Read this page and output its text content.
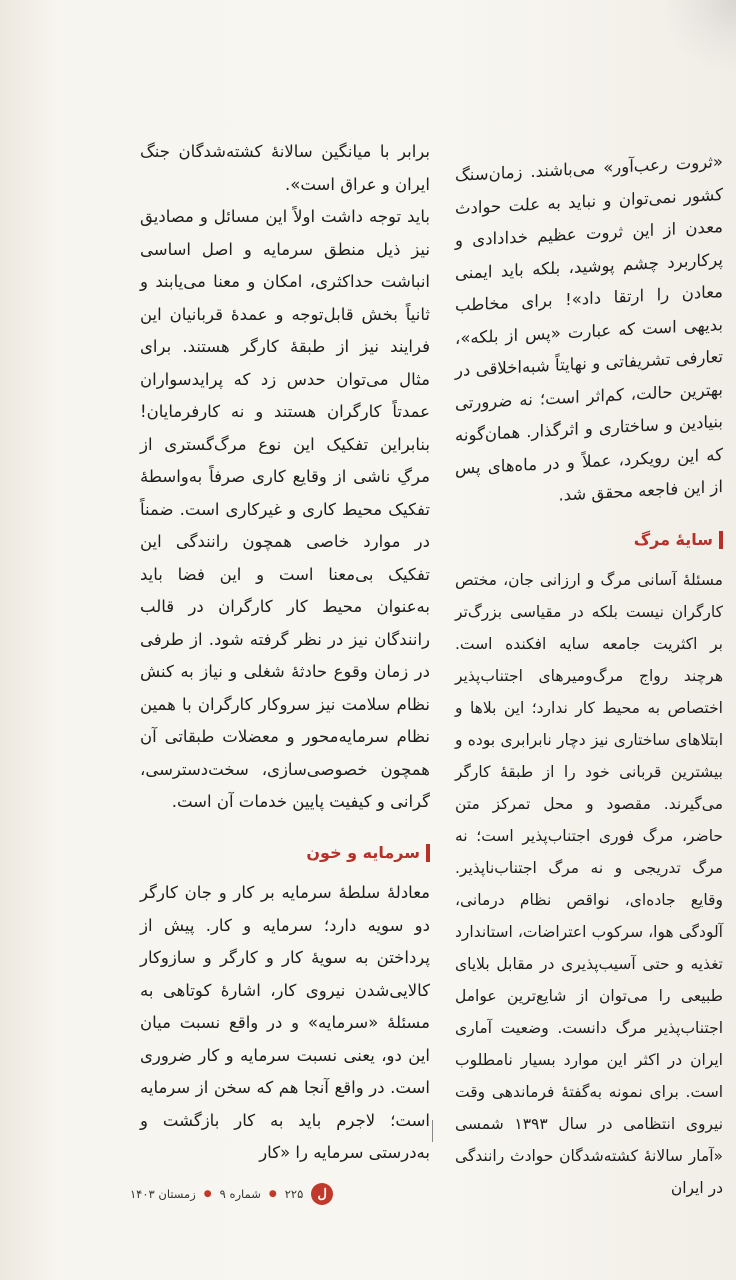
برابر با میانگین سالانهٔ کشته‌شدگان جنگ ایران و عراق است».

باید توجه داشت اولاً این مسائل و مصادیق نیز ذیل منطق سرمایه و اصل اساسی انباشت حداکثری، امکان و معنا می‌یابند و ثانیاً بخش قابل‌توجه و عمدهٔ قربانیان این فرایند نیز از طبقهٔ کارگر هستند. برای مثال می‌توان حدس زد که پرایدسواران عمدتاً کارگران هستند و نه کارفرمایان! بنابراین تفکیک این نوع مرگ‌گستری از مرگِ ناشی از وقایع کاری صرفاً به‌واسطهٔ تفکیک محیط کاری و غیرکاری است. ضمناً در موارد خاصی همچون رانندگی این تفکیک بی‌معنا است و این فضا باید به‌عنوان محیط کار کارگران در قالب رانندگان نیز در نظر گرفته شود. از طرفی در زمان وقوع حادثهٔ شغلی و نیاز به کنش نظام سلامت نیز سروکار کارگران با همین نظام سرمایه‌محور و معضلات طبقاتی آن همچون خصوصی‌سازی، سخت‌دسترسی، گرانی و کیفیت پایین خدمات آن است.

سرمایه و خون

معادلهٔ سلطهٔ سرمایه بر کار و جان کارگر دو سویه دارد؛ سرمایه و کار. پیش از پرداختن به سویهٔ کار و کارگر و سازوکار کالایی‌شدن نیروی کار، اشارهٔ کوتاهی به مسئلهٔ «سرمایه» و در واقع نسبت میان این دو، یعنی نسبت سرمایه و کار ضروری است. در واقع آنجا هم که سخن از سرمایه است؛ لاجرم باید به کار بازگشت و به‌درستی سرمایه را «کار

«ثروت رعب‌آور» می‌باشند. زمان‌سنگ کشور نمی‌توان و نباید به علت حوادث معدن از این ثروت عظیم خدادادی و پرکاربرد چشم پوشید، بلکه باید ایمنی معادن را ارتقا داد»! برای مخاطب بدیهی است که عبارت «پس از بلکه»، تعارفی تشریفاتی و نهایتاً شبه‌اخلاقی در بهترین حالت، کم‌اثر است؛ نه ضرورتی بنیادین و ساختاری و اثرگذار. همان‌گونه که این رویکرد، عملاً و در ماه‌های پس از این فاجعه محقق شد.

سایهٔ مرگ

مسئلهٔ آسانی مرگ و ارزانی جان، مختص کارگران نیست بلکه در مقیاسی بزرگ‌تر بر اکثریت جامعه سایه افکنده است. هرچند رواج مرگ‌ومیرهای اجتناب‌پذیر اختصاص به محیط کار ندارد؛ این بلاها و ابتلاهای ساختاری نیز دچار نابرابری بوده و بیشترین قربانی خود را از طبقهٔ کارگر می‌گیرند. مقصود و محل تمرکز متن حاضر، مرگ فوری اجتناب‌پذیر است؛ نه مرگ تدریجی و نه مرگ اجتناب‌ناپذیر. وقایع جاده‌ای، نواقص نظام درمانی، آلودگی هوا، سرکوب اعتراضات، استاندارد تغذیه و حتی آسیب‌پذیری در مقابل بلایای طبیعی را می‌توان از شایع‌ترین عوامل اجتناب‌پذیر مرگ دانست. وضعیت آماری ایران در اکثر این موارد بسیار نامطلوب است. برای نمونه به‌گفتهٔ فرماندهی وقت نیروی انتظامی در سال ۱۳۹۳ شمسی «آمار سالانهٔ کشته‌شدگان حوادث رانندگی در ایران

ل
۲۲۵
●
شماره ۹
●
زمستان ۱۴۰۳
